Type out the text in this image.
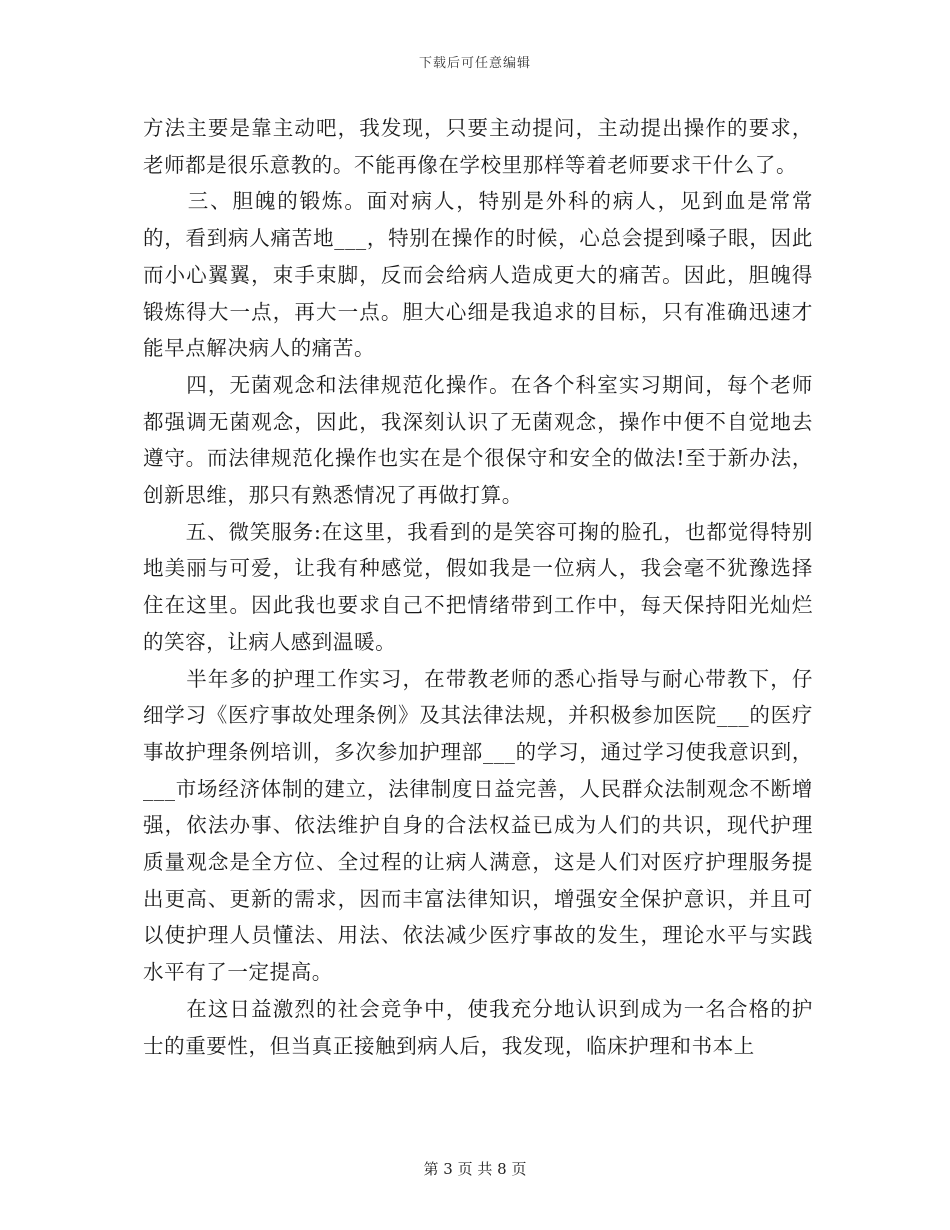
下载后可任意编辑

方法主要是靠主动吧，我发现，只要主动提问，主动提出操作的要求，老师都是很乐意教的。不能再像在学校里那样等着老师要求干什么了。

　　三、胆魄的锻炼。面对病人，特别是外科的病人，见到血是常常的，看到病人痛苦地___，特别在操作的时候，心总会提到嗓子眼，因此而小心翼翼，束手束脚，反而会给病人造成更大的痛苦。因此，胆魄得锻炼得大一点，再大一点。胆大心细是我追求的目标，只有准确迅速才能早点解决病人的痛苦。

　　四，无菌观念和法律规范化操作。在各个科室实习期间，每个老师都强调无菌观念，因此，我深刻认识了无菌观念，操作中便不自觉地去遵守。而法律规范化操作也实在是个很保守和安全的做法!至于新办法，创新思维，那只有熟悉情况了再做打算。

　　五、微笑服务:在这里，我看到的是笑容可掬的脸孔，也都觉得特别地美丽与可爱，让我有种感觉，假如我是一位病人，我会毫不犹豫选择住在这里。因此我也要求自己不把情绪带到工作中，每天保持阳光灿烂的笑容，让病人感到温暖。

　　半年多的护理工作实习，在带教老师的悉心指导与耐心带教下，仔细学习《医疗事故处理条例》及其法律法规，并积极参加医院___的医疗事故护理条例培训，多次参加护理部___的学习，通过学习使我意识到，___市场经济体制的建立，法律制度日益完善，人民群众法制观念不断增强，依法办事、依法维护自身的合法权益已成为人们的共识，现代护理质量观念是全方位、全过程的让病人满意，这是人们对医疗护理服务提出更高、更新的需求，因而丰富法律知识，增强安全保护意识，并且可以使护理人员懂法、用法、依法减少医疗事故的发生，理论水平与实践水平有了一定提高。

　　在这日益激烈的社会竞争中，使我充分地认识到成为一名合格的护士的重要性，但当真正接触到病人后，我发现，临床护理和书本上

第 3 页 共 8 页
